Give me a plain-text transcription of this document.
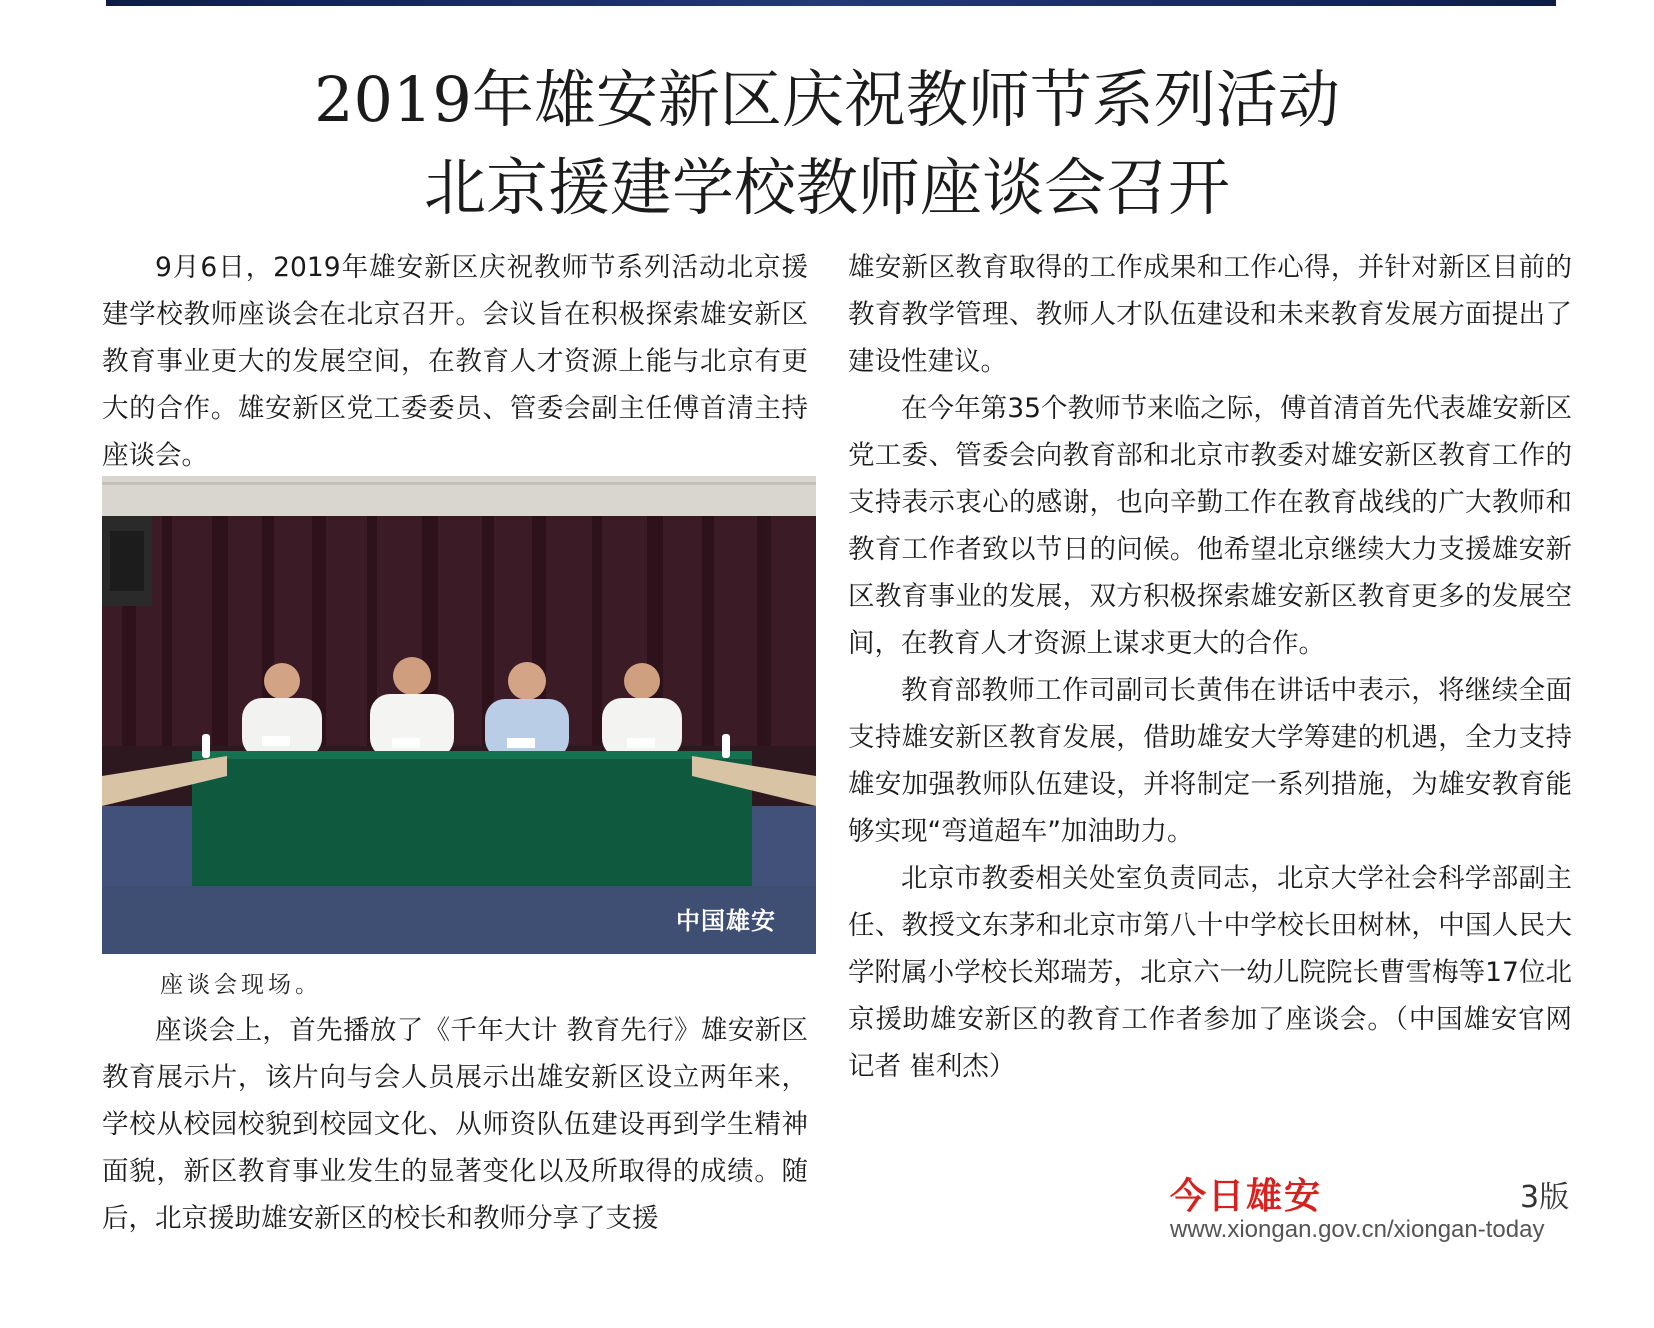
2019年雄安新区庆祝教师节系列活动
北京援建学校教师座谈会召开

9月6日，2019年雄安新区庆祝教师节系列活动北京援建学校教师座谈会在北京召开。会议旨在积极探索雄安新区教育事业更大的发展空间，在教育人才资源上能与北京有更大的合作。雄安新区党工委委员、管委会副主任傅首清主持座谈会。

中国雄安
座谈会现场。

座谈会上，首先播放了《千年大计 教育先行》雄安新区教育展示片，该片向与会人员展示出雄安新区设立两年来，学校从校园校貌到校园文化、从师资队伍建设再到学生精神面貌，新区教育事业发生的显著变化以及所取得的成绩。随后，北京援助雄安新区的校长和教师分享了支援

雄安新区教育取得的工作成果和工作心得，并针对新区目前的教育教学管理、教师人才队伍建设和未来教育发展方面提出了建设性建议。

在今年第35个教师节来临之际，傅首清首先代表雄安新区党工委、管委会向教育部和北京市教委对雄安新区教育工作的支持表示衷心的感谢，也向辛勤工作在教育战线的广大教师和教育工作者致以节日的问候。他希望北京继续大力支援雄安新区教育事业的发展，双方积极探索雄安新区教育更多的发展空间，在教育人才资源上谋求更大的合作。

教育部教师工作司副司长黄伟在讲话中表示，将继续全面支持雄安新区教育发展，借助雄安大学筹建的机遇，全力支持雄安加强教师队伍建设，并将制定一系列措施，为雄安教育能够实现“弯道超车”加油助力。

北京市教委相关处室负责同志，北京大学社会科学部副主任、教授文东茅和北京市第八十中学校长田树林，中国人民大学附属小学校长郑瑞芳，北京六一幼儿院院长曹雪梅等17位北京援助雄安新区的教育工作者参加了座谈会。（中国雄安官网记者 崔利杰）

今日雄安	3版
www.xiongan.gov.cn/xiongan-today
